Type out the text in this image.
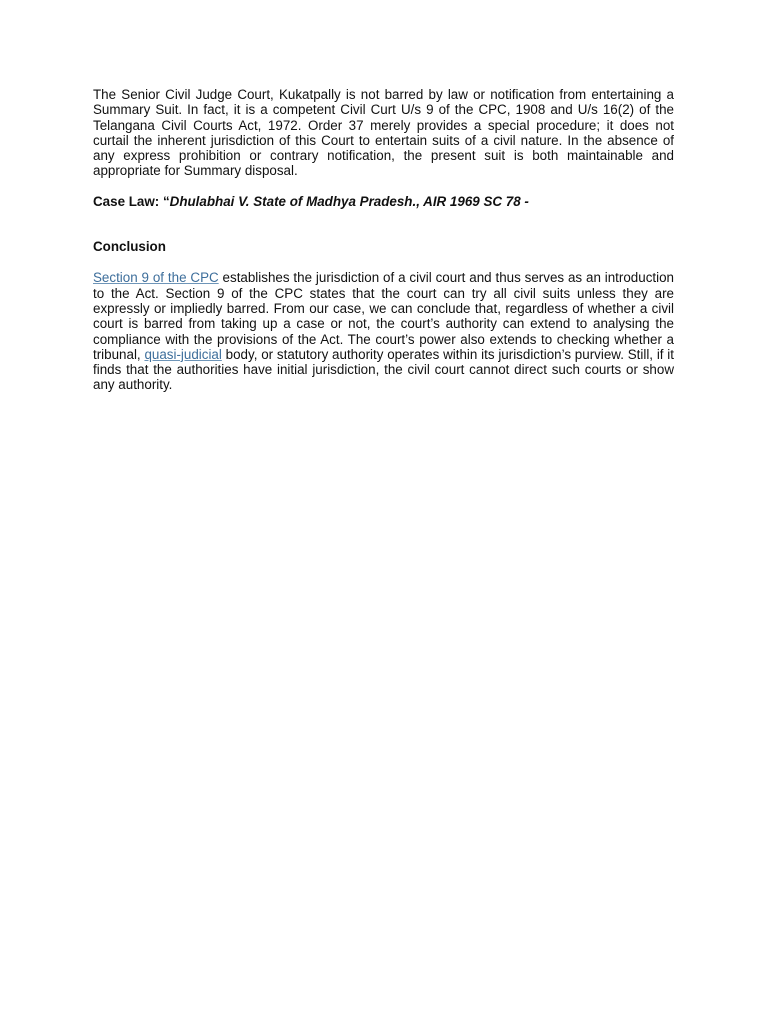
The Senior Civil Judge Court, Kukatpally is not barred by law or notification from entertaining a Summary Suit. In fact, it is a competent Civil Curt U/s 9 of the CPC, 1908 and U/s 16(2) of the Telangana Civil Courts Act, 1972. Order 37 merely provides a special procedure; it does not curtail the inherent jurisdiction of this Court to entertain suits of a civil nature. In the absence of any express prohibition or contrary notification, the present suit is both maintainable and appropriate for Summary disposal.

Case Law: “Dhulabhai V. State of Madhya Pradesh., AIR 1969 SC 78 -

Conclusion

Section 9 of the CPC establishes the jurisdiction of a civil court and thus serves as an introduction to the Act. Section 9 of the CPC states that the court can try all civil suits unless they are expressly or impliedly barred. From our case, we can conclude that, regardless of whether a civil court is barred from taking up a case or not, the court’s authority can extend to analysing the compliance with the provisions of the Act. The court’s power also extends to checking whether a tribunal, quasi-judicial body, or statutory authority operates within its jurisdiction’s purview. Still, if it finds that the authorities have initial jurisdiction, the civil court cannot direct such courts or show any authority.
